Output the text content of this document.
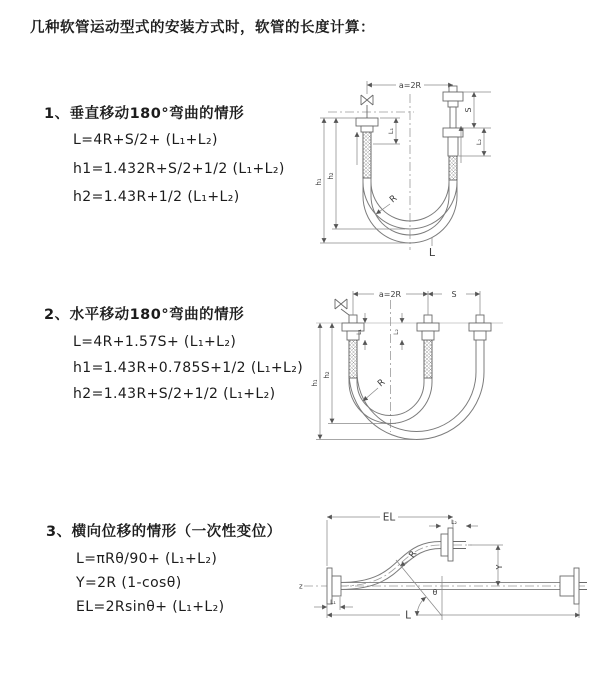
几种软管运动型式的安装方式时，软管的长度计算：
1、垂直移动180°弯曲的情形
L=4R+S/2+ (L₁+L₂)
h1=1.432R+S/2+1/2 (L₁+L₂)
h2=1.43R+1/2 (L₁+L₂)
2、水平移动180°弯曲的情形
L=4R+1.57S+ (L₁+L₂)
h1=1.43R+0.785S+1/2 (L₁+L₂)
h2=1.43R+S/2+1/2 (L₁+L₂)
3、横向位移的情形（一次性变位）
L=πRθ/90+ (L₁+L₂)
Y=2R (1-cosθ)
EL=2Rsinθ+ (L₁+L₂)
a=2R
S
L₂
L₁
h₁
h₂
R
L
a=2R	S
L₁	L₂
h₁
h₂
R
EL	L₂
Y
R
θ
L
L₁
z
